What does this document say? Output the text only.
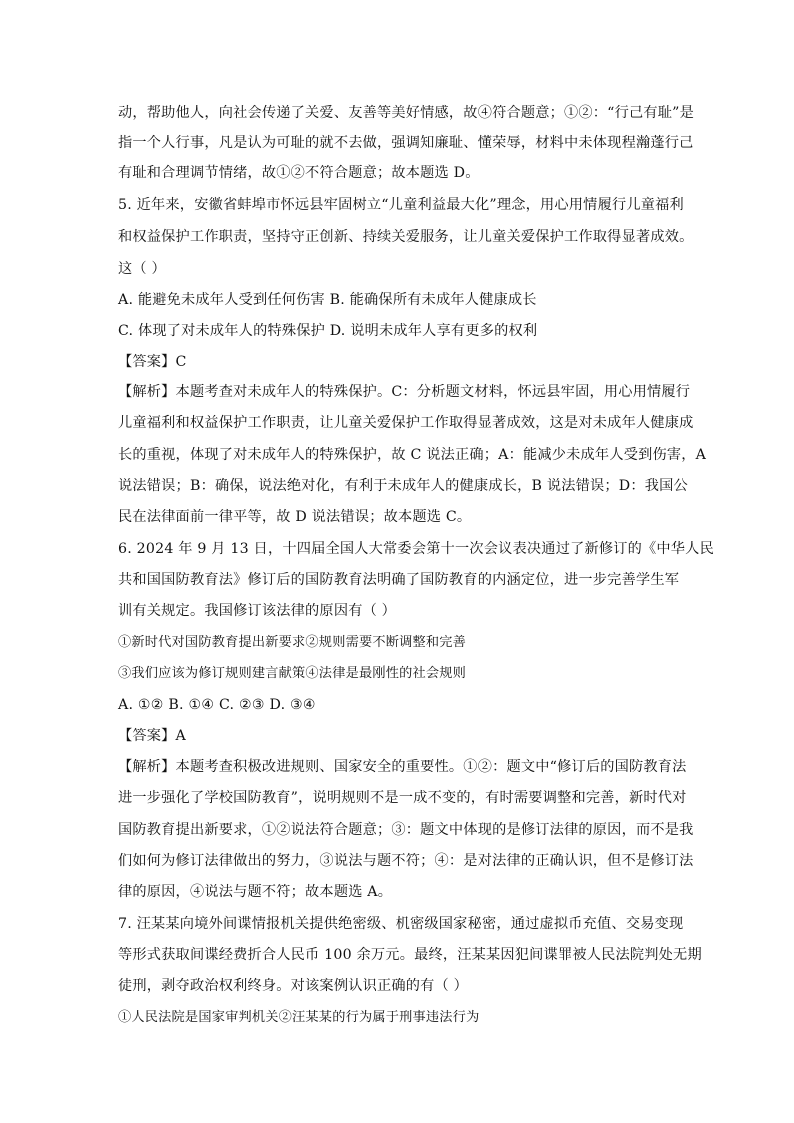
动，帮助他人，向社会传递了关爱、友善等美好情感，故④符合题意；①②：“行己有耻”是
指一个人行事，凡是认为可耻的就不去做，强调知廉耻、懂荣辱，材料中未体现程瀚蓬行己
有耻和合理调节情绪，故①②不符合题意；故本题选 D。
5. 近年来，安徽省蚌埠市怀远县牢固树立“儿童利益最大化”理念，用心用情履行儿童福利
和权益保护工作职责，坚持守正创新、持续关爱服务，让儿童关爱保护工作取得显著成效。
这（ ）
A. 能避免未成年人受到任何伤害 B. 能确保所有未成年人健康成长
C. 体现了对未成年人的特殊保护 D. 说明未成年人享有更多的权利
【答案】C
【解析】本题考查对未成年人的特殊保护。C：分析题文材料，怀远县牢固，用心用情履行
儿童福利和权益保护工作职责，让儿童关爱保护工作取得显著成效，这是对未成年人健康成
长的重视，体现了对未成年人的特殊保护，故 C 说法正确；A：能减少未成年人受到伤害，A
说法错误；B：确保，说法绝对化，有利于未成年人的健康成长，B 说法错误；D：我国公
民在法律面前一律平等，故 D 说法错误；故本题选 C。
6. 2024 年 9 月 13 日，十四届全国人大常委会第十一次会议表决通过了新修订的《中华人民
共和国国防教育法》修订后的国防教育法明确了国防教育的内涵定位，进一步完善学生军
训有关规定。我国修订该法律的原因有（ ）
①新时代对国防教育提出新要求②规则需要不断调整和完善
③我们应该为修订规则建言献策④法律是最刚性的社会规则
A. ①② B. ①④ C. ②③ D. ③④
【答案】A
【解析】本题考查积极改进规则、国家安全的重要性。①②：题文中“修订后的国防教育法
进一步强化了学校国防教育”，说明规则不是一成不变的，有时需要调整和完善，新时代对
国防教育提出新要求，①②说法符合题意；③：题文中体现的是修订法律的原因，而不是我
们如何为修订法律做出的努力，③说法与题不符；④：是对法律的正确认识，但不是修订法
律的原因，④说法与题不符；故本题选 A。
7. 汪某某向境外间谍情报机关提供绝密级、机密级国家秘密，通过虚拟币充值、交易变现
等形式获取间谍经费折合人民币 100 余万元。最终，汪某某因犯间谍罪被人民法院判处无期
徒刑，剥夺政治权利终身。对该案例认识正确的有（ ）
①人民法院是国家审判机关②汪某某的行为属于刑事违法行为
